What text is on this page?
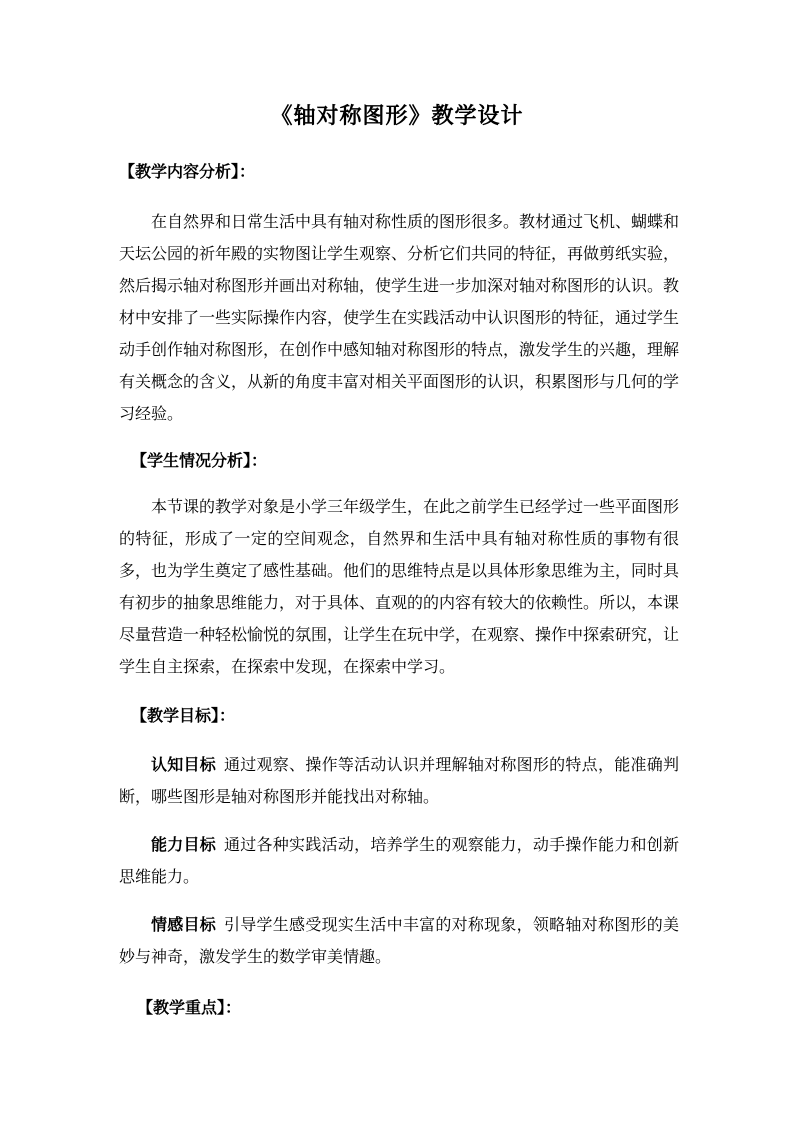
《轴对称图形》教学设计
【教学内容分析】：

在自然界和日常生活中具有轴对称性质的图形很多。教材通过飞机、蝴蝶和天坛公园的祈年殿的实物图让学生观察、分析它们共同的特征，再做剪纸实验，然后揭示轴对称图形并画出对称轴，使学生进一步加深对轴对称图形的认识。教材中安排了一些实际操作内容，使学生在实践活动中认识图形的特征，通过学生动手创作轴对称图形，在创作中感知轴对称图形的特点，激发学生的兴趣，理解有关概念的含义，从新的角度丰富对相关平面图形的认识，积累图形与几何的学习经验。

【学生情况分析】：

本节课的教学对象是小学三年级学生，在此之前学生已经学过一些平面图形的特征，形成了一定的空间观念，自然界和生活中具有轴对称性质的事物有很多，也为学生奠定了感性基础。他们的思维特点是以具体形象思维为主，同时具有初步的抽象思维能力，对于具体、直观的的内容有较大的依赖性。所以，本课尽量营造一种轻松愉悦的氛围，让学生在玩中学，在观察、操作中探索研究，让学生自主探索，在探索中发现，在探索中学习。

【教学目标】：

认知目标 通过观察、操作等活动认识并理解轴对称图形的特点，能准确判断，哪些图形是轴对称图形并能找出对称轴。

能力目标 通过各种实践活动，培养学生的观察能力，动手操作能力和创新思维能力。

情感目标 引导学生感受现实生活中丰富的对称现象，领略轴对称图形的美妙与神奇，激发学生的数学审美情趣。

【教学重点】：
